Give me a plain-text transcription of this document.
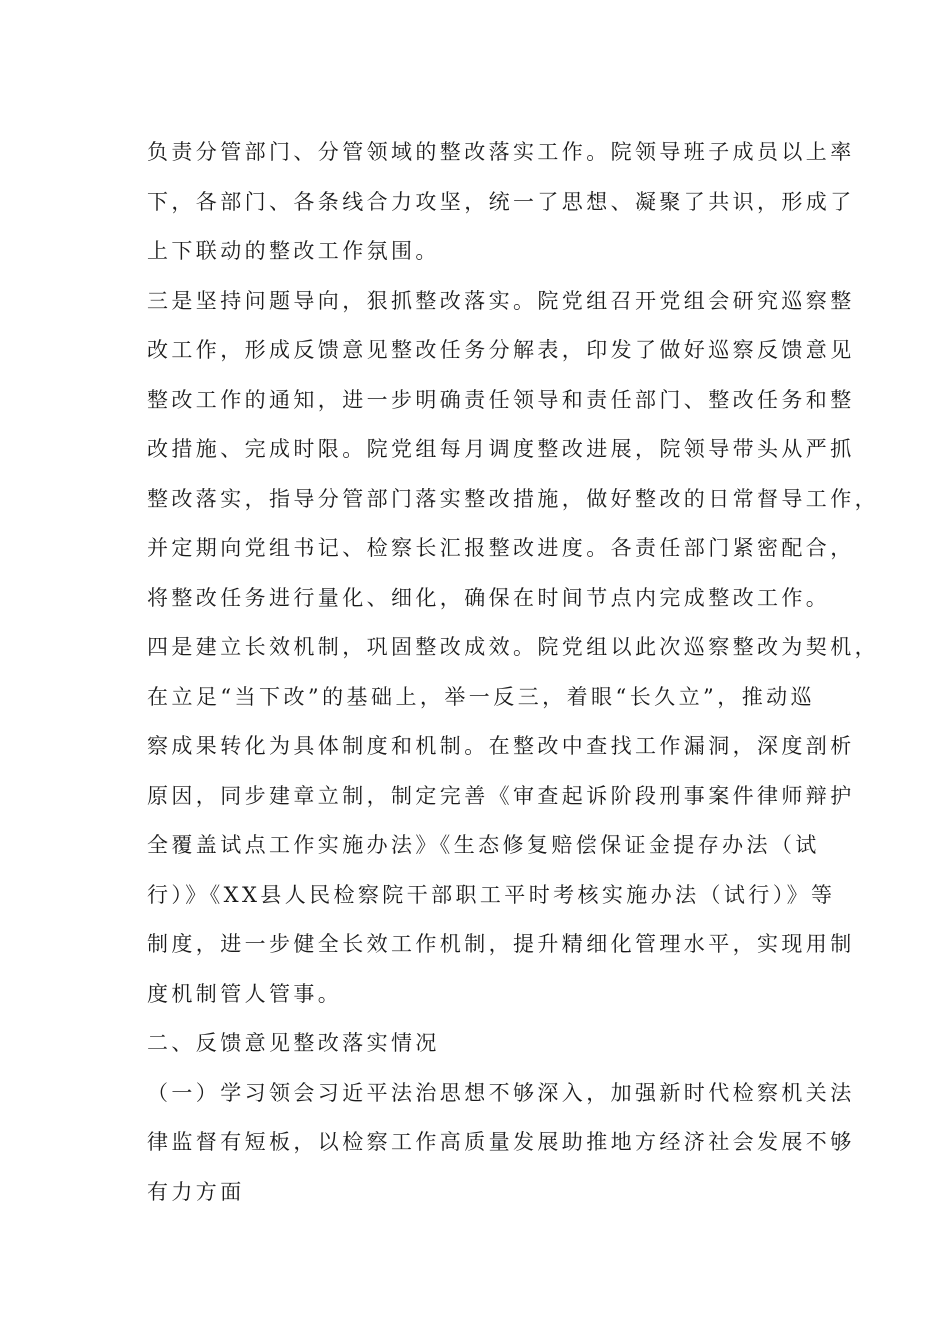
负责分管部门、分管领域的整改落实工作。院领导班子成员以上率
下，各部门、各条线合力攻坚，统一了思想、凝聚了共识，形成了
上下联动的整改工作氛围。
三是坚持问题导向，狠抓整改落实。院党组召开党组会研究巡察整
改工作，形成反馈意见整改任务分解表，印发了做好巡察反馈意见
整改工作的通知，进一步明确责任领导和责任部门、整改任务和整
改措施、完成时限。院党组每月调度整改进展，院领导带头从严抓
整改落实，指导分管部门落实整改措施，做好整改的日常督导工作，
并定期向党组书记、检察长汇报整改进度。各责任部门紧密配合，
将整改任务进行量化、细化，确保在时间节点内完成整改工作。
四是建立长效机制，巩固整改成效。院党组以此次巡察整改为契机，
在立足“当下改”的基础上，举一反三，着眼“长久立”，推动巡
察成果转化为具体制度和机制。在整改中查找工作漏洞，深度剖析
原因，同步建章立制，制定完善《审查起诉阶段刑事案件律师辩护
全覆盖试点工作实施办法》《生态修复赔偿保证金提存办法（试
行）》《XX县人民检察院干部职工平时考核实施办法（试行）》等
制度，进一步健全长效工作机制，提升精细化管理水平，实现用制
度机制管人管事。
二、反馈意见整改落实情况
（一）学习领会习近平法治思想不够深入，加强新时代检察机关法
律监督有短板，以检察工作高质量发展助推地方经济社会发展不够
有力方面
